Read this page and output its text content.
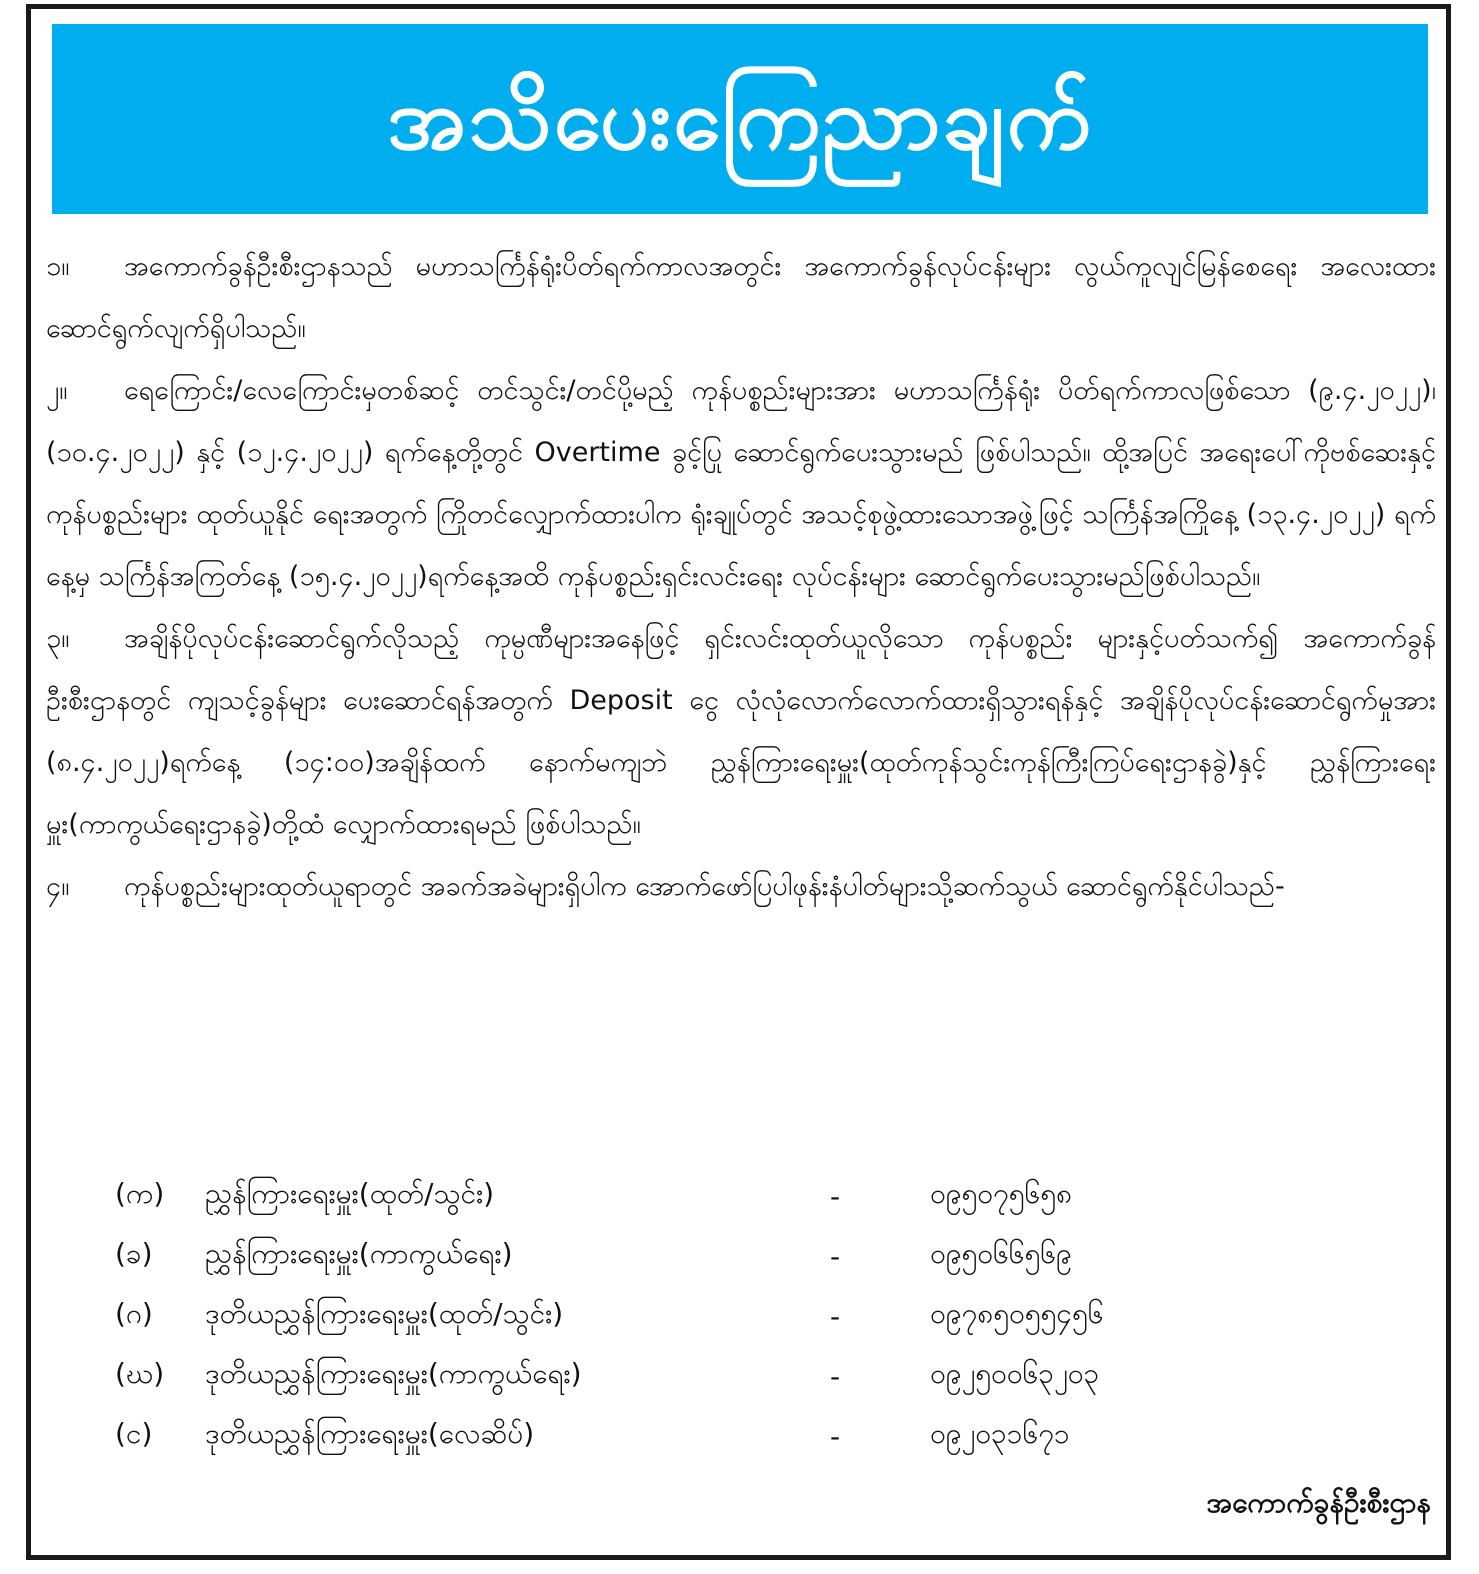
အသိပေးကြေညာချက်

၁။ အကောက်ခွန်ဦးစီးဌာနသည် မဟာသင်္ကြန်ရုံးပိတ်ရက်ကာလအတွင်း အကောက်ခွန်လုပ်ငန်းများ လွယ်ကူလျင်မြန်စေရေး အလေးထားဆောင်ရွက်လျက်ရှိပါသည်။

၂။ ရေကြောင်း/လေကြောင်းမှတစ်ဆင့် တင်သွင်း/တင်ပို့မည့် ကုန်ပစ္စည်းများအား မဟာသင်္ကြန်ရုံး ပိတ်ရက်ကာလဖြစ်သော (၉.၄.၂၀၂၂)၊ (၁၀.၄.၂၀၂၂) နှင့် (၁၂.၄.၂၀၂၂) ရက်နေ့တို့တွင် Overtime ခွင့်ပြု ဆောင်ရွက်ပေးသွားမည် ဖြစ်ပါသည်။ ထို့အပြင် အရေးပေါ်ကိုဗစ်ဆေးနှင့် ကုန်ပစ္စည်းများ ထုတ်ယူနိုင် ရေးအတွက် ကြိုတင်လျှောက်ထားပါက ရုံးချုပ်တွင် အသင့်စုဖွဲ့ထားသောအဖွဲ့ဖြင့် သင်္ကြန်အကြိုနေ့ (၁၃.၄.၂၀၂၂) ရက်နေ့မှ သင်္ကြန်အကြတ်နေ့ (၁၅.၄.၂၀၂၂)ရက်နေ့အထိ ကုန်ပစ္စည်းရှင်းလင်းရေး လုပ်ငန်းများ ဆောင်ရွက်ပေးသွားမည်ဖြစ်ပါသည်။

၃။ အချိန်ပိုလုပ်ငန်းဆောင်ရွက်လိုသည့် ကုမ္ပဏီများအနေဖြင့် ရှင်းလင်းထုတ်ယူလိုသော ကုန်ပစ္စည်း များနှင့်ပတ်သက်၍ အကောက်ခွန်ဦးစီးဌာနတွင် ကျသင့်ခွန်များ ပေးဆောင်ရန်အတွက် Deposit ငွေ လုံလုံလောက်လောက်ထားရှိသွားရန်နှင့် အချိန်ပိုလုပ်ငန်းဆောင်ရွက်မှုအား (၈.၄.၂၀၂၂)ရက်နေ့ (၁၄:၀၀)အချိန်ထက် နောက်မကျဘဲ ညွှန်ကြားရေးမှူး(ထုတ်ကုန်သွင်းကုန်ကြီးကြပ်ရေးဌာနခွဲ)နှင့် ညွှန်ကြားရေးမှူး(ကာကွယ်ရေးဌာနခွဲ)တို့ထံ လျှောက်ထားရမည် ဖြစ်ပါသည်။

၄။ ကုန်ပစ္စည်းများထုတ်ယူရာတွင် အခက်အခဲများရှိပါက အောက်ဖော်ပြပါဖုန်းနံပါတ်များသို့ဆက်သွယ် ဆောင်ရွက်နိုင်ပါသည်-

(က)	ညွှန်ကြားရေးမှူး(ထုတ်/သွင်း)	-	၀၉၅၀၇၅၆၅၈
(ခ)	ညွှန်ကြားရေးမှူး(ကာကွယ်ရေး)	-	၀၉၅၀၆၆၅၆၉
(ဂ)	ဒုတိယညွှန်ကြားရေးမှူး(ထုတ်/သွင်း)	-	၀၉၇၈၅၀၅၅၄၅၆
(ဃ)	ဒုတိယညွှန်ကြားရေးမှူး(ကာကွယ်ရေး)	-	၀၉၂၅၀၀၆၃၂၀၃
(င)	ဒုတိယညွှန်ကြားရေးမှူး(လေဆိပ်)	-	၀၉၂၀၃၁၆၇၁
အကောက်ခွန်ဦးစီးဌာန
